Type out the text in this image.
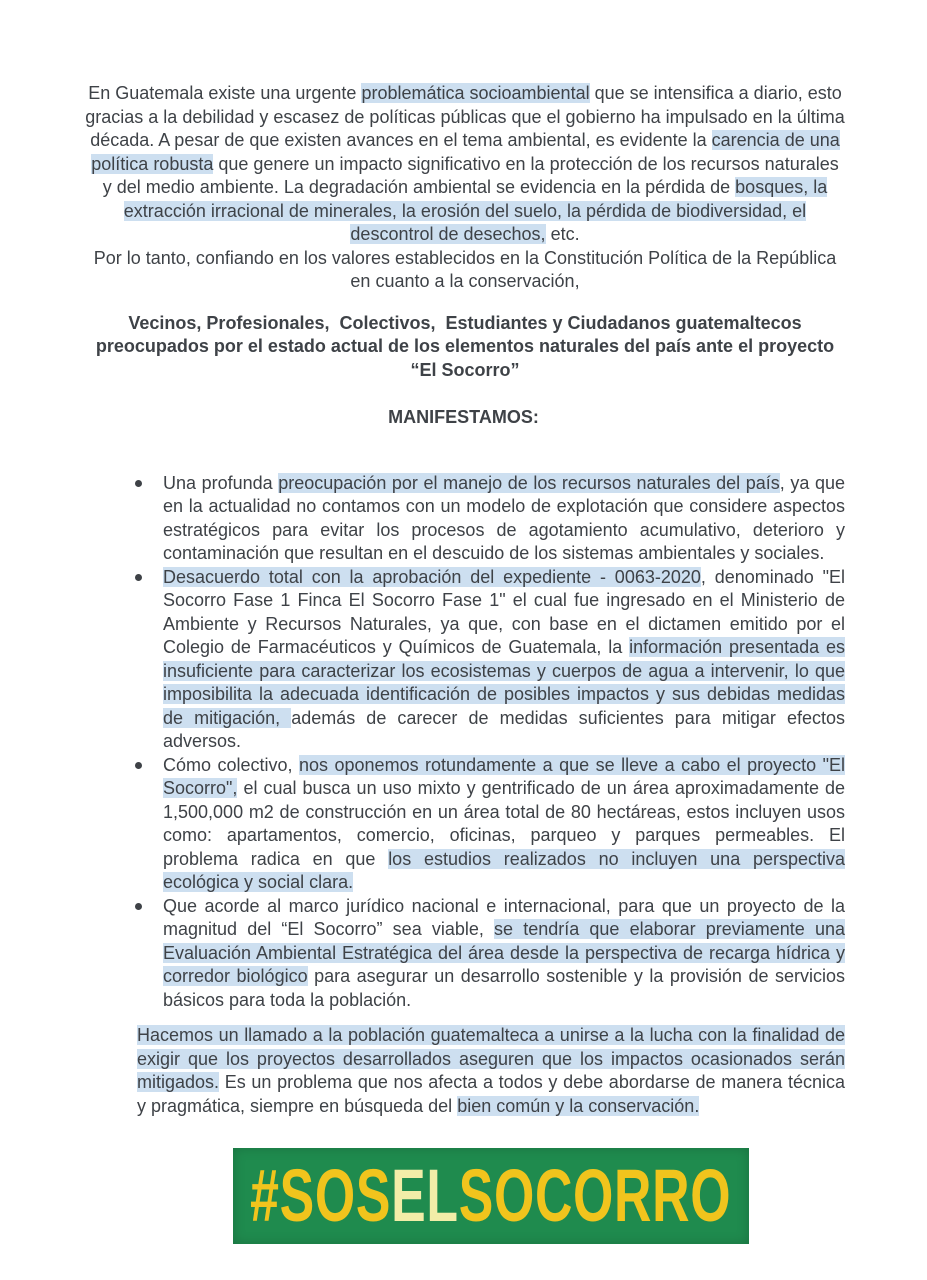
En Guatemala existe una urgente problemática socioambiental que se intensifica a diario, esto gracias a la debilidad y escasez de políticas públicas que el gobierno ha impulsado en la última década. A pesar de que existen avances en el tema ambiental, es evidente la carencia de una política robusta que genere un impacto significativo en la protección de los recursos naturales y del medio ambiente. La degradación ambiental se evidencia en la pérdida de bosques, la extracción irracional de minerales, la erosión del suelo, la pérdida de biodiversidad, el descontrol de desechos, etc.

Por lo tanto, confiando en los valores establecidos en la Constitución Política de la República en cuanto a la conservación,

Vecinos, Profesionales,  Colectivos,  Estudiantes y Ciudadanos guatemaltecos preocupados por el estado actual de los elementos naturales del país ante el proyecto “El Socorro”
MANIFESTAMOS:
Una profunda preocupación por el manejo de los recursos naturales del país, ya que en la actualidad no contamos con un modelo de explotación que considere aspectos estratégicos para evitar los procesos de agotamiento acumulativo, deterioro y contaminación que resultan en el descuido de los sistemas ambientales y sociales.
Desacuerdo total con la aprobación del expediente - 0063-2020, denominado "El Socorro Fase 1 Finca El Socorro Fase 1" el cual fue ingresado en el Ministerio de Ambiente y Recursos Naturales, ya que, con base en el dictamen emitido por el Colegio de Farmacéuticos y Químicos de Guatemala, la información presentada es insuficiente para caracterizar los ecosistemas y cuerpos de agua a intervenir, lo que imposibilita la adecuada identificación de posibles impactos y sus debidas medidas de mitigación, además de carecer de medidas suficientes para mitigar efectos adversos.
Cómo colectivo, nos oponemos rotundamente a que se lleve a cabo el proyecto "El Socorro", el cual busca un uso mixto y gentrificado de un área aproximadamente de 1,500,000 m2 de construcción en un área total de 80 hectáreas, estos incluyen usos como: apartamentos, comercio, oficinas, parqueo y parques permeables. El problema radica en que los estudios realizados no incluyen una perspectiva ecológica y social clara.
Que acorde al marco jurídico nacional e internacional, para que un proyecto de la magnitud del “El Socorro” sea viable, se tendría que elaborar previamente una Evaluación Ambiental Estratégica del área desde la perspectiva de recarga hídrica y corredor biológico para asegurar un desarrollo sostenible y la provisión de servicios básicos para toda la población.

Hacemos un llamado a la población guatemalteca a unirse a la lucha con la finalidad de exigir que los proyectos desarrollados aseguren que los impactos ocasionados serán mitigados. Es un problema que nos afecta a todos y debe abordarse de manera técnica y pragmática, siempre en búsqueda del bien común y la conservación.

#SOSELSOCORRO
